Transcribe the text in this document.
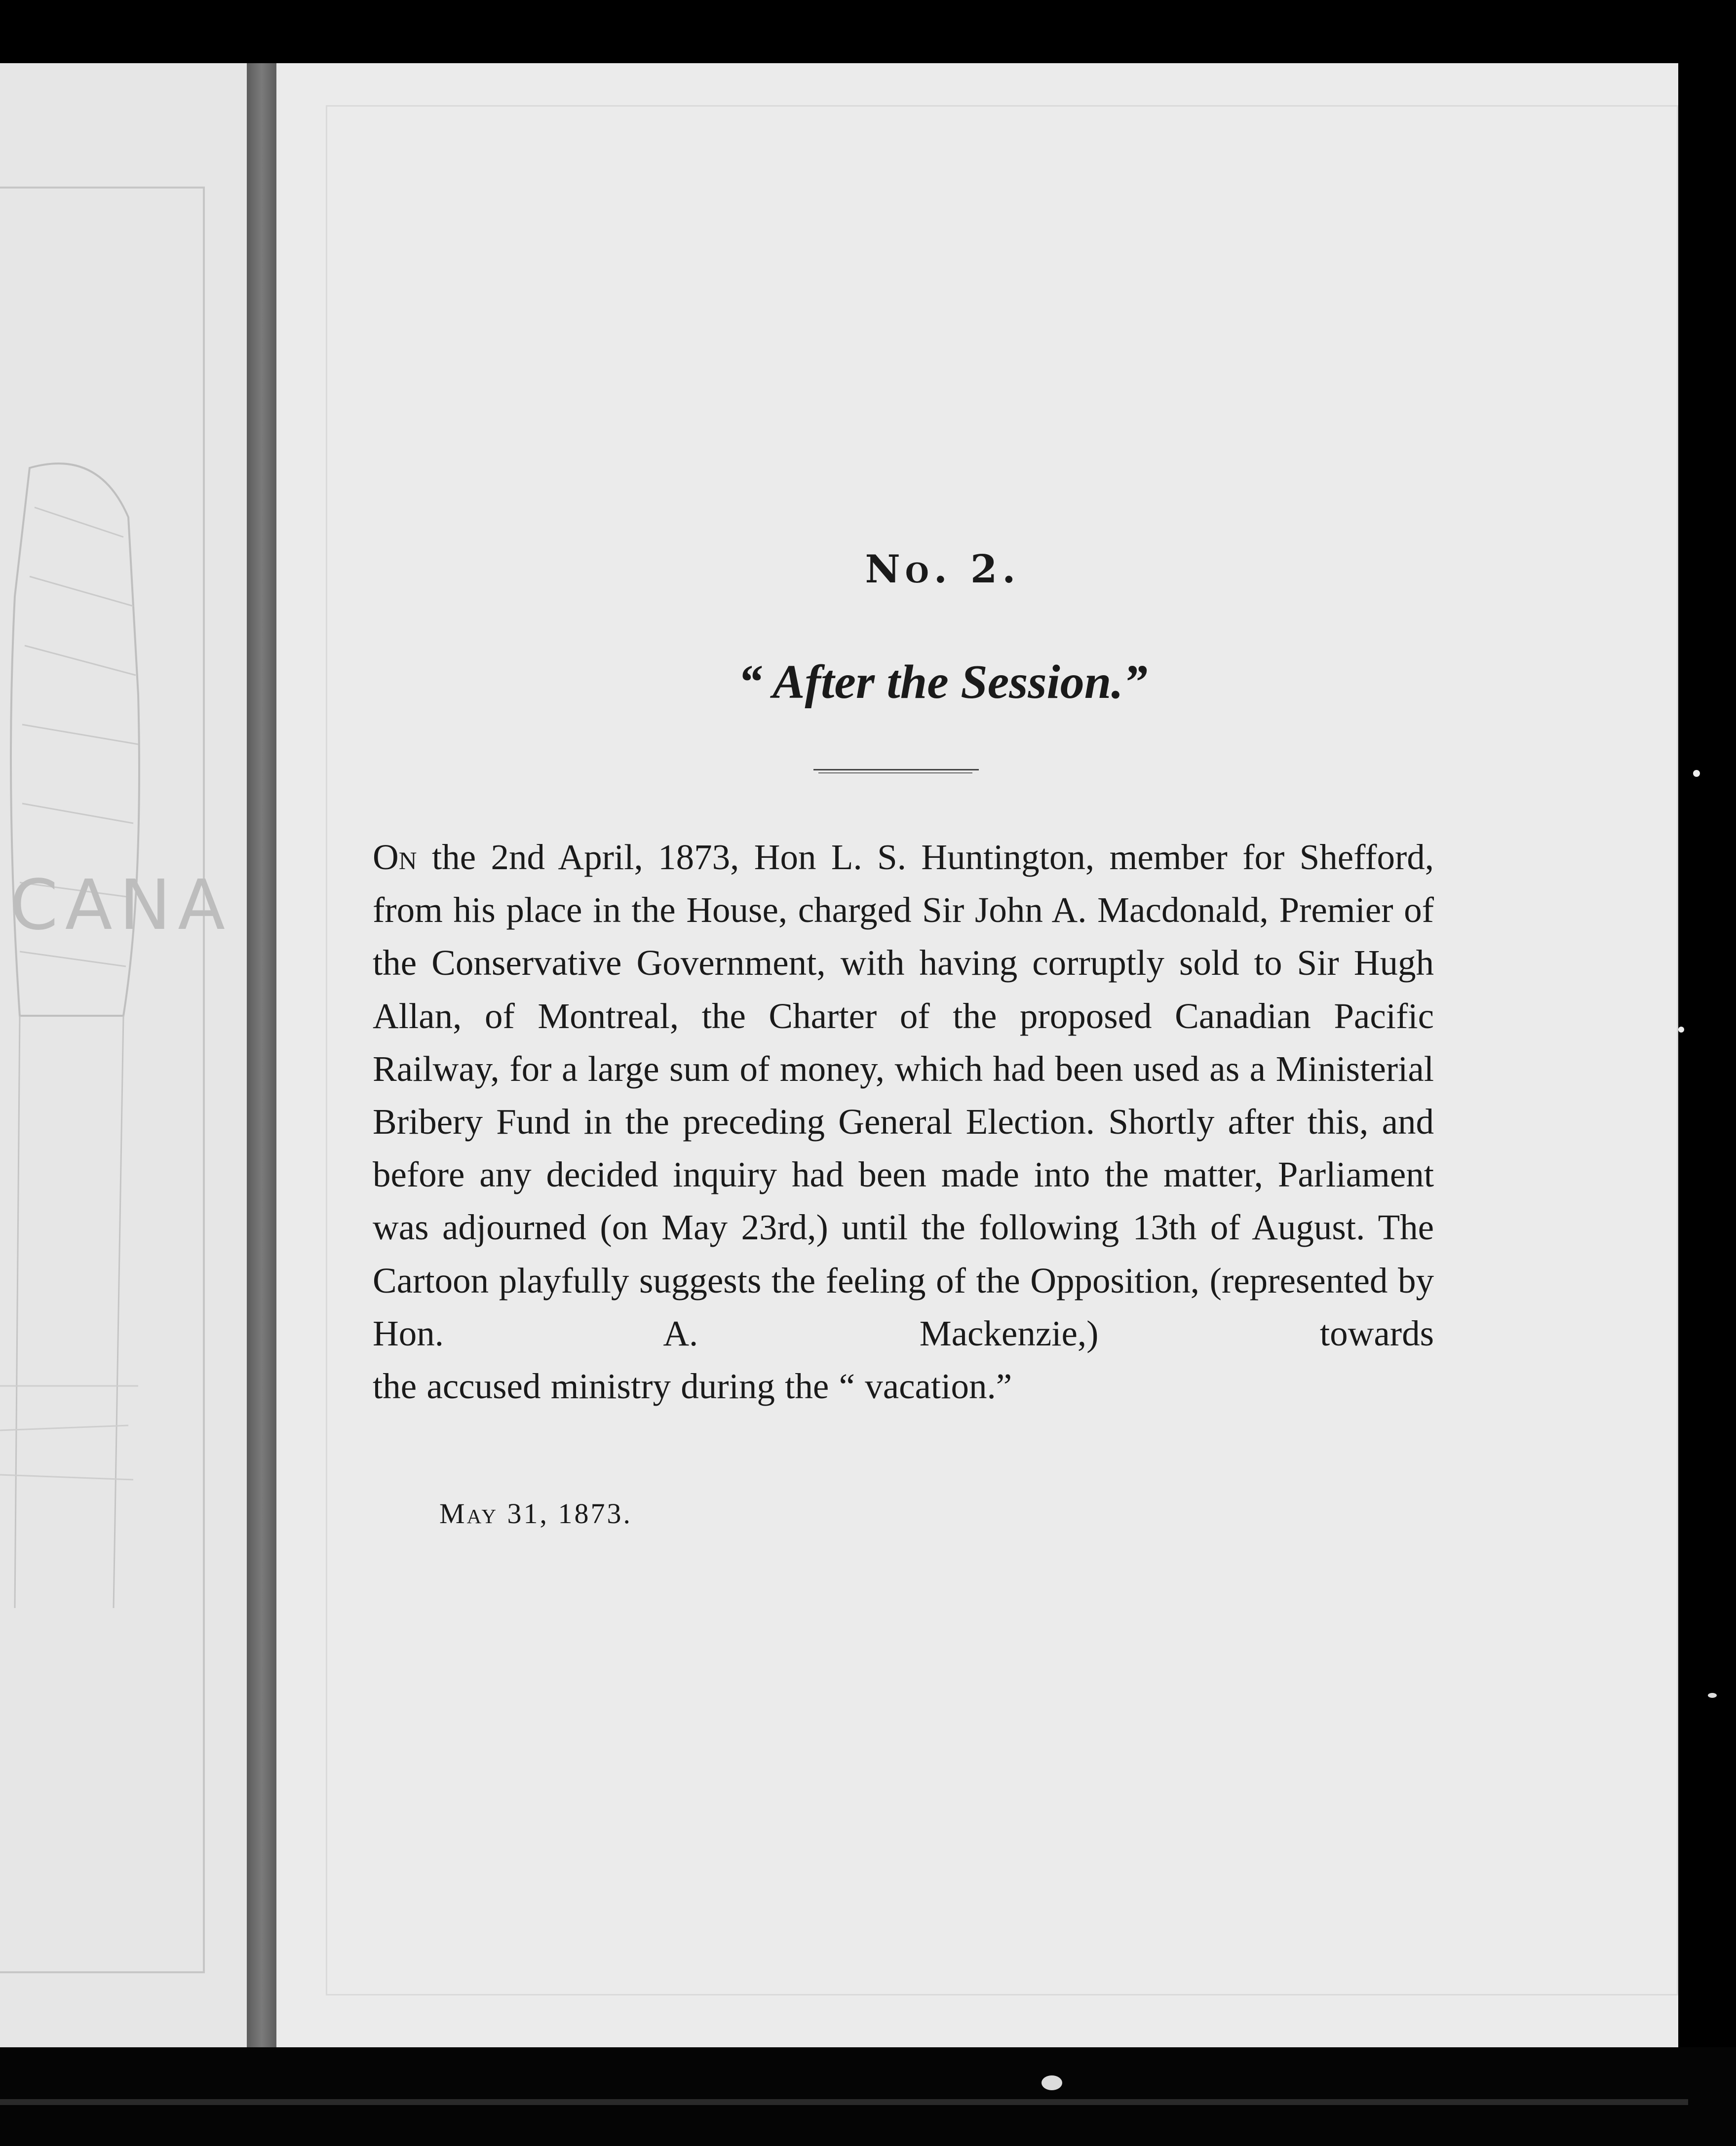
CANA
No. 2.
“ After the Session.”

On the 2nd April, 1873, Hon L. S. Huntington, member for Shefford, from his place in the House, charged Sir John A. Macdonald, Premier of the Conservative Government, with having corruptly sold to Sir Hugh Allan, of Montreal, the Charter of the proposed Canadian Pacific Railway, for a large sum of money, which had been used as a Ministerial Bribery Fund in the preceding General Election. Shortly after this, and before any decided inquiry had been made into the matter, Parliament was adjourned (on May 23rd,) until the following 13th of August. The Cartoon playfully suggests the feeling of the Opposition, (represented by Hon. A. Mackenzie,) towards
the accused ministry during the “ vacation.”

May 31, 1873.
